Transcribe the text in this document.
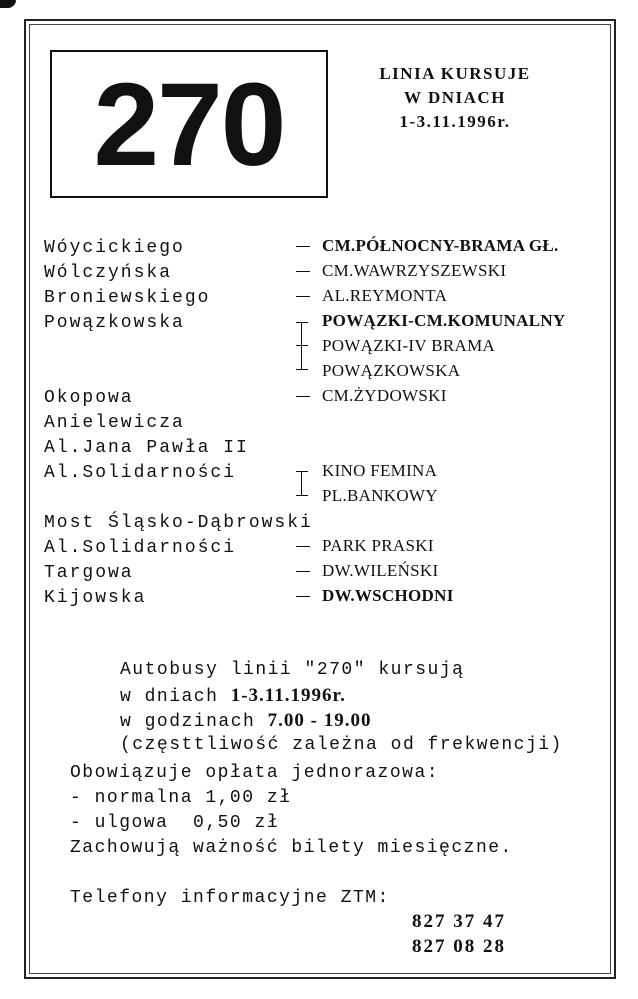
270	LINIA KURSUJE
W DNIACH
1-3.11.1996r.
Wóycickiego
Wólczyńska
Broniewskiego
Powązkowska
Okopowa
Anielewicza
Al.Jana Pawła II
Al.Solidarności
Most Śląsko-Dąbrowski
Al.Solidarności
Targowa
Kijowska
CM.PÓŁNOCNY-BRAMA GŁ.
CM.WAWRZYSZEWSKI
AL.REYMONTA
POWĄZKI-CM.KOMUNALNY
POWĄZKI-IV BRAMA
POWĄZKOWSKA
CM.ŻYDOWSKI
KINO FEMINA
PL.BANKOWY
PARK PRASKI
DW.WILEŃSKI
DW.WSCHODNI
Autobusy linii "270" kursują
w dniach 1-3.11.1996r.
w godzinach 7.00 - 19.00
(częsttliwość zależna od frekwencji)
Obowiązuje opłata jednorazowa:
- normalna 1,00 zł
- ulgowa  0,50 zł
Zachowują ważność bilety miesięczne.
Telefony informacyjne ZTM:
827 37 47
827 08 28
